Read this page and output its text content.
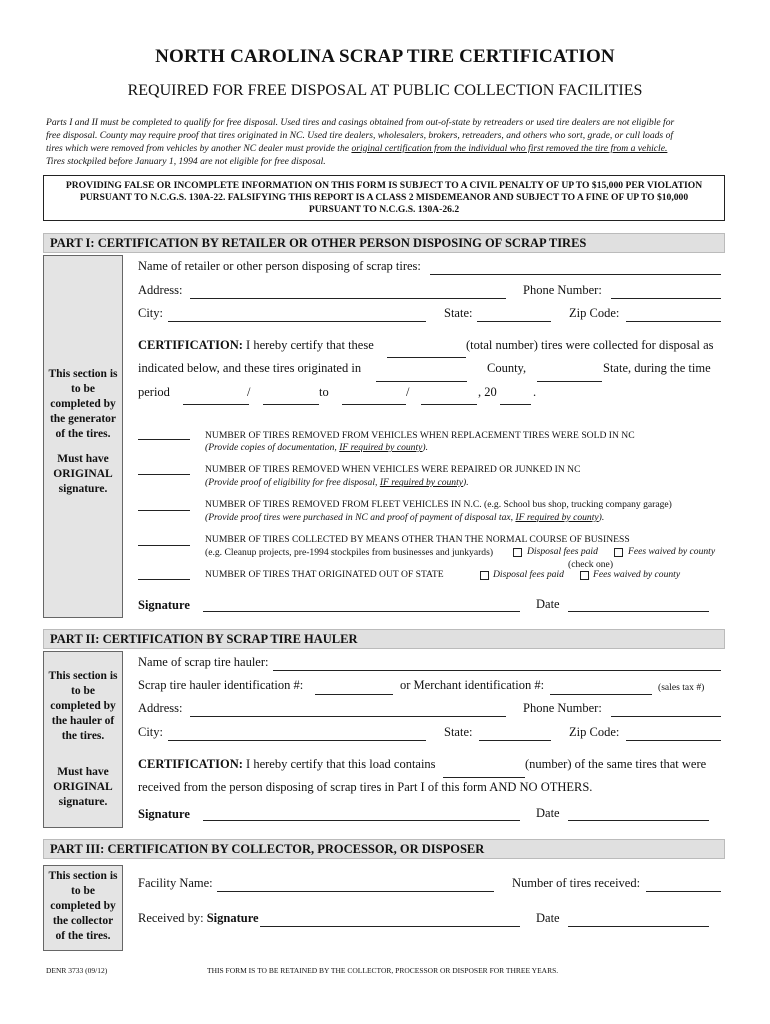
NORTH CAROLINA SCRAP TIRE CERTIFICATION
REQUIRED FOR FREE DISPOSAL AT PUBLIC COLLECTION FACILITIES
Parts I and II must be completed to qualify for free disposal. Used tires and casings obtained from out-of-state by retreaders or used tire dealers are not eligible for
free disposal. County may require proof that tires originated in NC. Used tire dealers, wholesalers, brokers, retreaders, and others who sort, grade, or cull loads of
tires which were removed from vehicles by another NC dealer must provide the original certification from the individual who first removed the tire from a vehicle.
Tires stockpiled before January 1, 1994 are not eligible for free disposal.
PROVIDING FALSE OR INCOMPLETE INFORMATION ON THIS FORM IS SUBJECT TO A CIVIL PENALTY OF UP TO $15,000 PER VIOLATION
PURSUANT TO N.C.G.S. 130A-22. FALSIFYING THIS REPORT IS A CLASS 2 MISDEMEANOR AND SUBJECT TO A FINE OF UP TO $10,000
PURSUANT TO N.C.G.S. 130A-26.2
PART I: CERTIFICATION BY RETAILER OR OTHER PERSON DISPOSING OF SCRAP TIRES
This section is
to be
completed by
the generator
of the tires.
Must have
ORIGINAL
signature.
Name of retailer or other person disposing of scrap tires:
Address:	Phone Number:
City:	State:	Zip Code:
CERTIFICATION: I hereby certify that these	(total number) tires were collected for disposal as
indicated below, and these tires originated in	County,	State, during the time
period	/	to	/	, 20	.
NUMBER OF TIRES REMOVED FROM VEHICLES WHEN REPLACEMENT TIRES WERE SOLD IN NC
(Provide copies of documentation, IF required by county).
NUMBER OF TIRES REMOVED WHEN VEHICLES WERE REPAIRED OR JUNKED IN NC
(Provide proof of eligibility for free disposal, IF required by county).
NUMBER OF TIRES REMOVED FROM FLEET VEHICLES IN N.C. (e.g. School bus shop, trucking company garage)
(Provide proof tires were purchased in NC and proof of payment of disposal tax, IF required by county).
NUMBER OF TIRES COLLECTED BY MEANS OTHER THAN THE NORMAL COURSE OF BUSINESS
(e.g. Cleanup projects, pre-1994 stockpiles from businesses and junkyards)	Disposal fees paid	Fees waived by county
(check one)
NUMBER OF TIRES THAT ORIGINATED OUT OF STATE	Disposal fees paid	Fees waived by county
Signature	Date
PART II: CERTIFICATION BY SCRAP TIRE HAULER
This section is
to be
completed by
the hauler of
the tires.
Must have
ORIGINAL
signature.
Name of scrap tire hauler:
Scrap tire hauler identification #:	or Merchant identification #:	(sales tax #)
Address:	Phone Number:
City:	State:	Zip Code:
CERTIFICATION: I hereby certify that this load contains	(number) of the same tires that were
received from the person disposing of scrap tires in Part I of this form AND NO OTHERS.
Signature	Date
PART III: CERTIFICATION BY COLLECTOR, PROCESSOR, OR DISPOSER
This section is
to be
completed by
the collector
of the tires.
Facility Name:	Number of tires received:
Received by: Signature	Date
DENR 3733 (09/12)	THIS FORM IS TO BE RETAINED BY THE COLLECTOR, PROCESSOR OR DISPOSER FOR THREE YEARS.
